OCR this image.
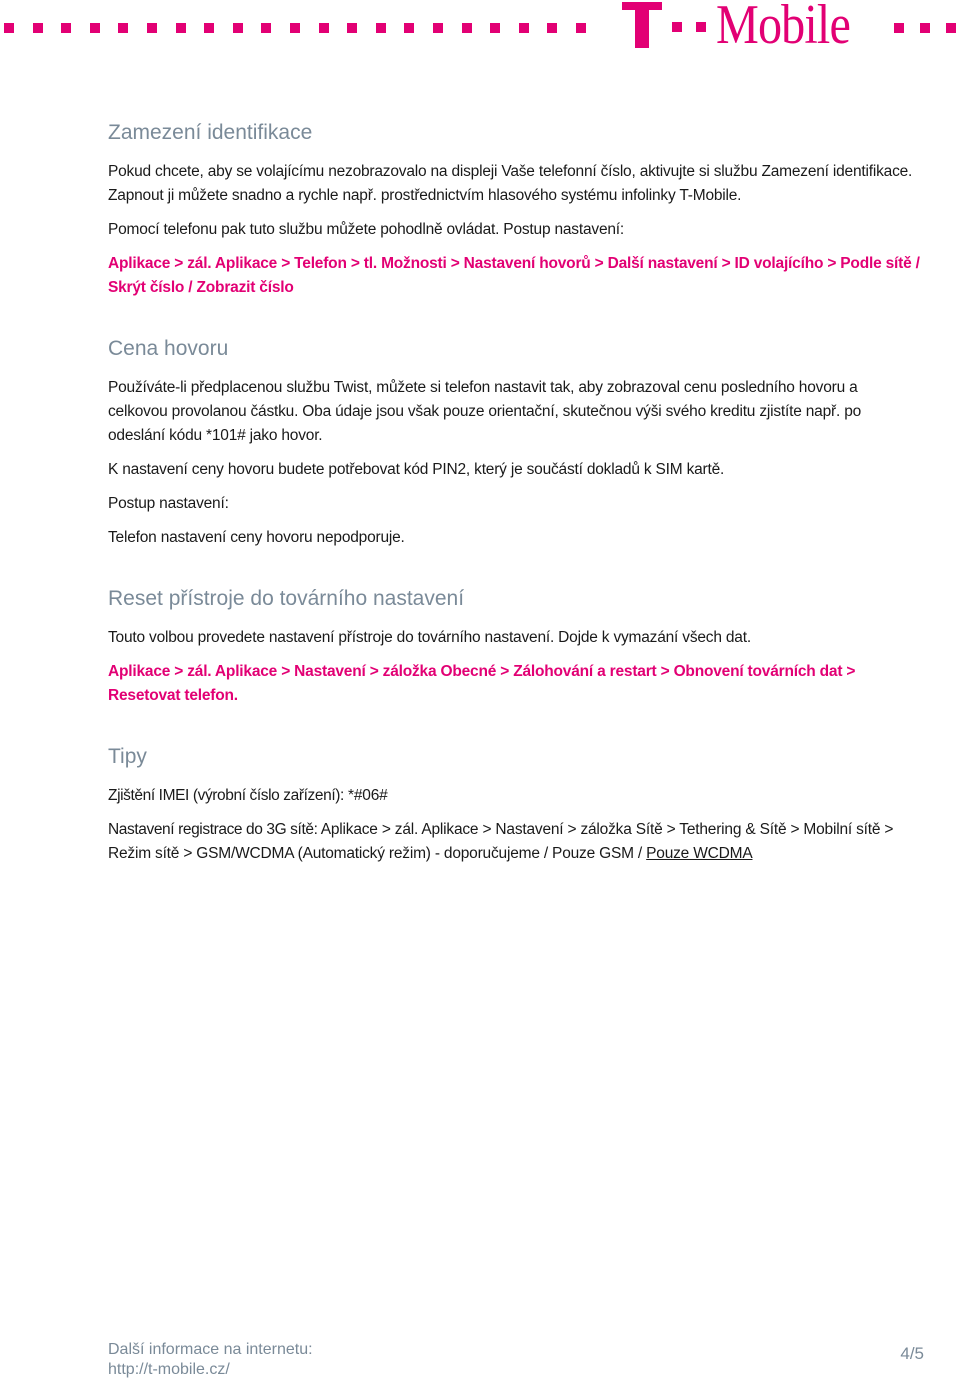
Mobile
Zamezení identifikace

Pokud chcete, aby se volajícímu nezobrazovalo na displeji Vaše telefonní číslo, aktivujte si službu Zamezení identifikace. Zapnout ji můžete snadno a rychle např. prostřednictvím hlasového systému infolinky T-Mobile.

Pomocí telefonu pak tuto službu můžete pohodlně ovládat. Postup nastavení:

Aplikace > zál. Aplikace > Telefon > tl. Možnosti > Nastavení hovorů > Další nastavení > ID volajícího > Podle sítě / Skrýt číslo / Zobrazit číslo

Cena hovoru

Používáte-li předplacenou službu Twist, můžete si telefon nastavit tak, aby zobrazoval cenu posledního hovoru a celkovou provolanou částku. Oba údaje jsou však pouze orientační, skutečnou výši svého kreditu zjistíte např. po odeslání kódu *101# jako hovor.

K nastavení ceny hovoru budete potřebovat kód PIN2, který je součástí dokladů k SIM kartě.

Postup nastavení:

Telefon nastavení ceny hovoru nepodporuje.

Reset přístroje do továrního nastavení

Touto volbou provedete nastavení přístroje do továrního nastavení. Dojde k vymazání všech dat.

Aplikace > zál. Aplikace > Nastavení > záložka Obecné > Zálohování a restart > Obnovení továrních dat > Resetovat telefon.

Tipy

Zjištění IMEI (výrobní číslo zařízení): *#06#

Nastavení registrace do 3G sítě: Aplikace > zál. Aplikace > Nastavení > záložka Sítě > Tethering & Sítě > Mobilní sítě > Režim sítě > GSM/WCDMA (Automatický režim) - doporučujeme / Pouze GSM / Pouze WCDMA

Další informace na internetu:
http://t-mobile.cz/
4/5
